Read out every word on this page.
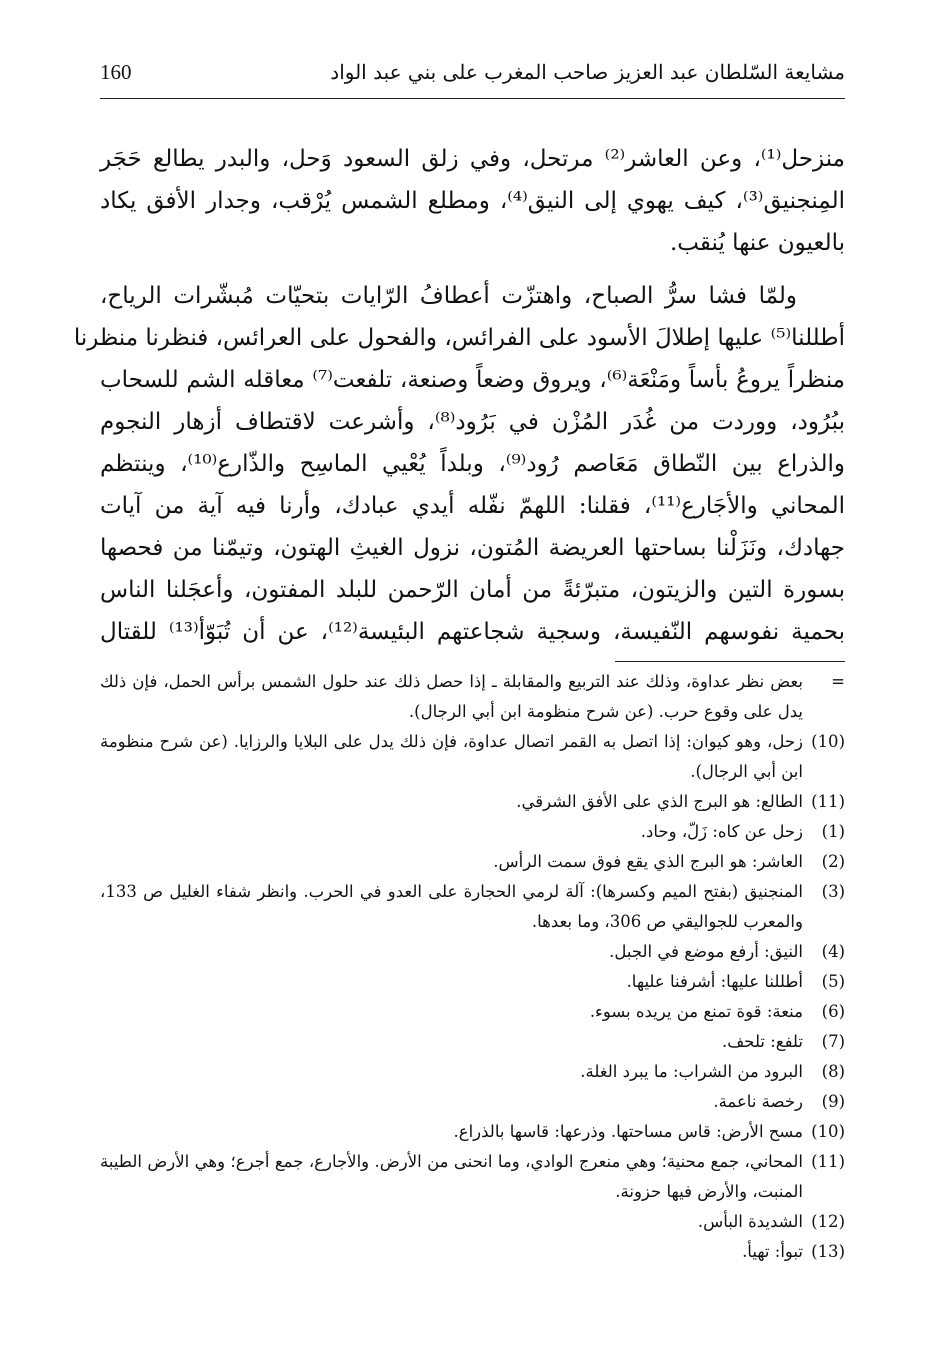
مشايعة السّلطان عبد العزيز صاحب المغرب على بني عبد الواد
160
منزحل⁽¹⁾، وعن العاشر⁽²⁾ مرتحل، وفي زلق السعود وَحل، والبدر يطالع حَجَر
المِنجنيق⁽³⁾، كيف يهوي إلى النيق⁽⁴⁾، ومطلع الشمس يُرْقب، وجدار الأفق يكاد
بالعيون عنها يُنقب.
ولمّا فشا سرُّ الصباح، واهتزّت أعطافُ الرّايات بتحيّات مُبشّرات الرياح،
أطللنا⁽⁵⁾ عليها إطلالَ الأسود على الفرائس، والفحول على العرائس، فنظرنا منظرنا
منظراً يروعُ بأساً ومَنْعَة⁽⁶⁾، ويروق وضعاً وصنعة، تلفعت⁽⁷⁾ معاقله الشم للسحاب
ببُرُود، ووردت من غُدَر المُزْن في بَرُود⁽⁸⁾، وأشرعت لاقتطاف أزهار النجوم
والذراع بين النّطاق مَعَاصم رُود⁽⁹⁾، وبلداً يُعْيي الماسِح والذّارع⁽¹⁰⁾، وينتظم
المحاني والأجَارع⁽¹¹⁾، فقلنا: اللهمّ نفّله أيدي عبادك، وأرنا فيه آية من آيات
جهادك، ونَزَلْنا بساحتها العريضة المُتون، نزول الغيثِ الهتون، وتيمّنا من فحصها
بسورة التين والزيتون، متبرّئةً من أمان الرّحمن للبلد المفتون، وأعجَلنا الناس
بحمية نفوسهم النّفيسة، وسجية شجاعتهم البئيسة⁽¹²⁾، عن أن تُبَوّأ⁽¹³⁾ للقتال
=
بعض نظر عداوة، وذلك عند التربيع والمقابلة ـ إذا حصل ذلك عند حلول الشمس برأس الحمل، فإن ذلك يدل على وقوع حرب. (عن شرح منظومة ابن أبي الرجال).
(10)
زحل، وهو كيوان: إذا اتصل به القمر اتصال عداوة، فإن ذلك يدل على البلايا والرزايا. (عن شرح منظومة ابن أبي الرجال).
(11)
الطالع: هو البرج الذي على الأفق الشرقي.
(1)
زحل عن كاه: زَلّ، وحاد.
(2)
العاشر: هو البرج الذي يقع فوق سمت الرأس.
(3)
المنجنيق (بفتح الميم وكسرها): آلة لرمي الحجارة على العدو في الحرب. وانظر شفاء الغليل ص 133، والمعرب للجواليقي ص 306، وما بعدها.
(4)
النيق: أرفع موضع في الجبل.
(5)
أطللنا عليها: أشرفنا عليها.
(6)
منعة: قوة تمنع من يريده بسوء.
(7)
تلفع: تلحف.
(8)
البرود من الشراب: ما يبرد الغلة.
(9)
رخصة ناعمة.
(10)
مسح الأرض: قاس مساحتها. وذرعها: قاسها بالذراع.
(11)
المحاني، جمع محنية؛ وهي منعرج الوادي، وما انحنى من الأرض. والأجارع، جمع أجرع؛ وهي الأرض الطيبة المنبت، والأرض فيها حزونة.
(12)
الشديدة البأس.
(13)
تبوأ: تهيأ.
